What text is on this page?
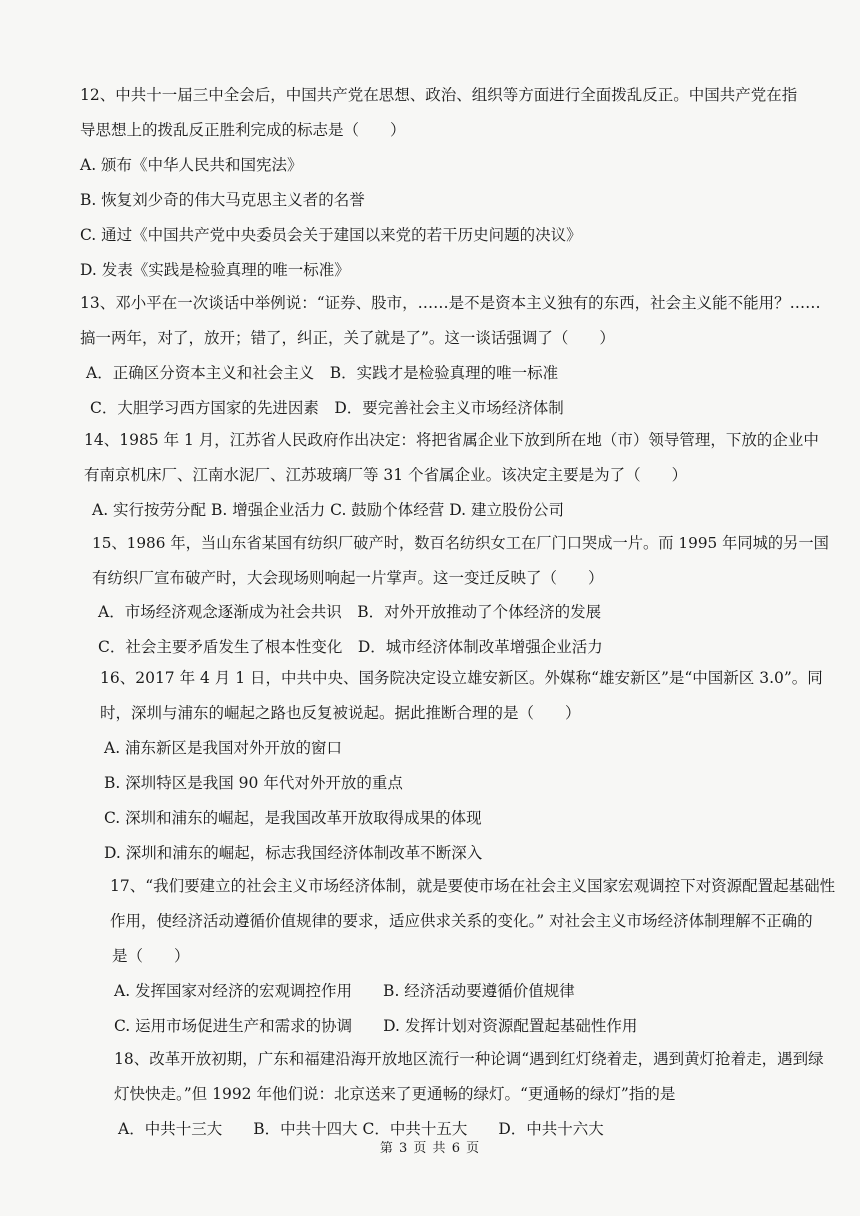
12、中共十一届三中全会后，中国共产党在思想、政治、组织等方面进行全面拨乱反正。中国共产党在指
导思想上的拨乱反正胜利完成的标志是（　　）
A. 颁布《中华人民共和国宪法》
B. 恢复刘少奇的伟大马克思主义者的名誉
C. 通过《中国共产党中央委员会关于建国以来党的若干历史问题的决议》
D. 发表《实践是检验真理的唯一标准》
13、邓小平在一次谈话中举例说：“证券、股市，……是不是资本主义独有的东西，社会主义能不能用？……
搞一两年，对了，放开；错了，纠正，关了就是了”。这一谈话强调了（　　）
A．正确区分资本主义和社会主义　B．实践才是检验真理的唯一标准
C．大胆学习西方国家的先进因素　D．要完善社会主义市场经济体制
14、1985 年 1 月，江苏省人民政府作出决定：将把省属企业下放到所在地（市）领导管理，下放的企业中
有南京机床厂、江南水泥厂、江苏玻璃厂等 31 个省属企业。该决定主要是为了（　　）
A. 实行按劳分配 B. 增强企业活力 C. 鼓励个体经营 D. 建立股份公司
15、1986 年，当山东省某国有纺织厂破产时，数百名纺织女工在厂门口哭成一片。而 1995 年同城的另一国
有纺织厂宣布破产时，大会现场则响起一片掌声。这一变迁反映了（　　）
A．市场经济观念逐渐成为社会共识　B．对外开放推动了个体经济的发展
C．社会主要矛盾发生了根本性变化　D．城市经济体制改革增强企业活力
16、2017 年 4 月 1 日，中共中央、国务院决定设立雄安新区。外媒称“雄安新区”是“中国新区 3.0”。同
时，深圳与浦东的崛起之路也反复被说起。据此推断合理的是（　　）
A. 浦东新区是我国对外开放的窗口
B. 深圳特区是我国 90 年代对外开放的重点
C. 深圳和浦东的崛起，是我国改革开放取得成果的体现
D. 深圳和浦东的崛起，标志我国经济体制改革不断深入
17、“我们要建立的社会主义市场经济体制，就是要使市场在社会主义国家宏观调控下对资源配置起基础性
作用，使经济活动遵循价值规律的要求，适应供求关系的变化。” 对社会主义市场经济体制理解不正确的
是（　　）
A. 发挥国家对经济的宏观调控作用　　B. 经济活动要遵循价值规律
C. 运用市场促进生产和需求的协调　　D. 发挥计划对资源配置起基础性作用
18、改革开放初期，广东和福建沿海开放地区流行一种论调“遇到红灯绕着走，遇到黄灯抢着走，遇到绿
灯快快走。”但 1992 年他们说：北京送来了更通畅的绿灯。“更通畅的绿灯”指的是
A．中共十三大　　B．中共十四大 C．中共十五大　　D．中共十六大
第 3 页 共 6 页
